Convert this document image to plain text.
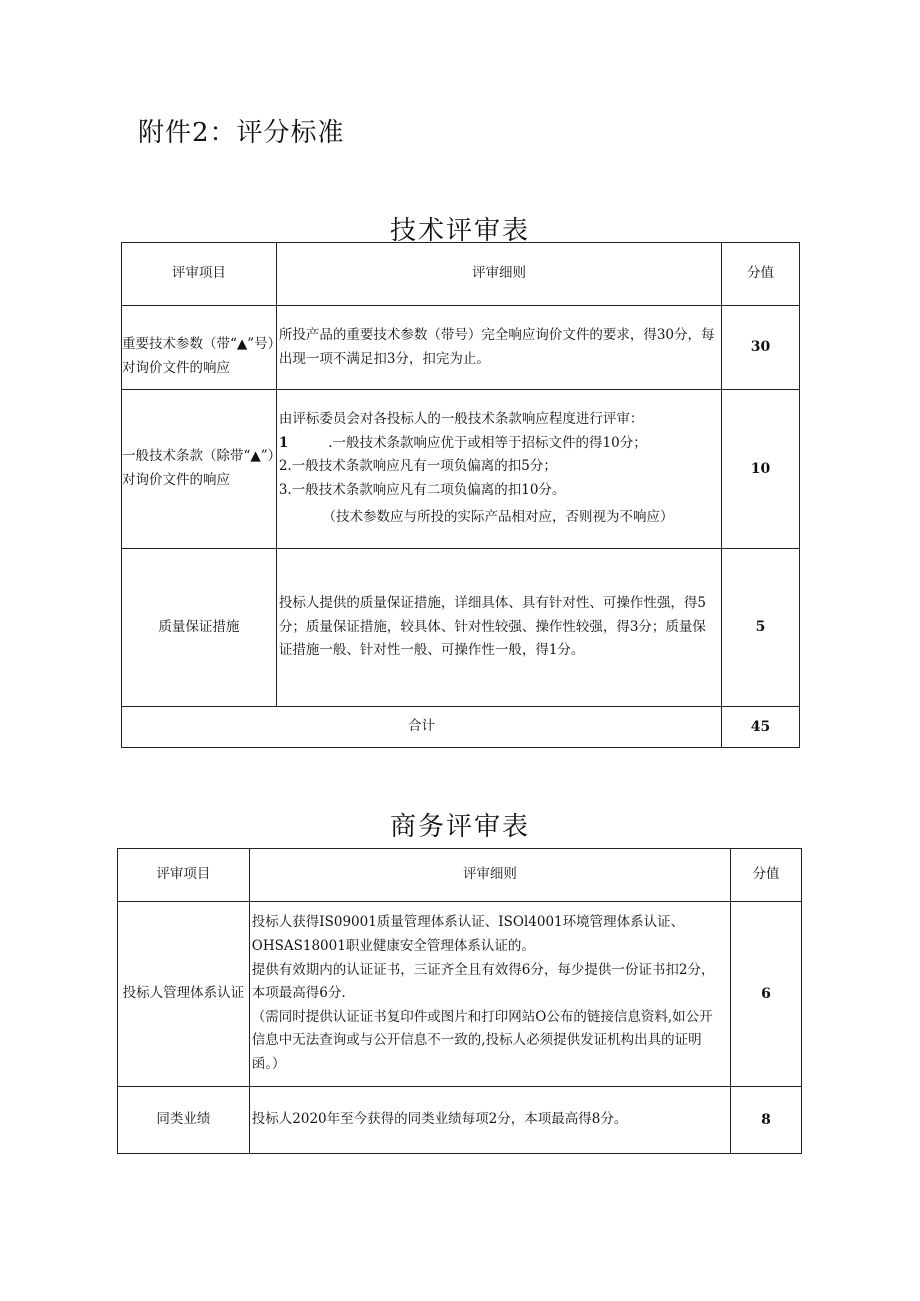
附件2：评分标准
技术评审表
评审项目	评审细则	分值
重要技术参数（带“▲”号）对询价文件的响应	所投产品的重要技术参数（带号）完全响应询价文件的要求，得30分，每出现一项不满足扣3分，扣完为止。	30
一般技术条款（除带“▲”）对询价文件的响应	由评标委员会对各投标人的一般技术条款响应程度进行评审：

1 .一般技术条款响应优于或相等于招标文件的得10分；

2.一般技术条款响应凡有一项负偏离的扣5分；

3.一般技术条款响应凡有二项负偏离的扣10分。

（技术参数应与所投的实际产品相对应，否则视为不响应）	10
质量保证措施	投标人提供的质量保证措施，详细具体、具有针对性、可操作性强，得5分；质量保证措施，较具体、针对性较强、操作性较强，得3分；质量保证措施一般、针对性一般、可操作性一般，得1分。	5
合计		45
商务评审表
评审项目	评审细则	分值
投标人管理体系认证	投标人获得IS09001质量管理体系认证、ISOl4001环境管理体系认证、OHSAS18001职业健康安全管理体系认证的。

提供有效期内的认证证书，三证齐全且有效得6分，每少提供一份证书扣2分，本项最高得6分.

（需同时提供认证证书复印件或图片和打印网站O公布的链接信息资料,如公开信息中无法查询或与公开信息不一致的,投标人必须提供发证机构出具的证明函。）	6
同类业绩	投标人2020年至今获得的同类业绩每项2分，本项最高得8分。	8
